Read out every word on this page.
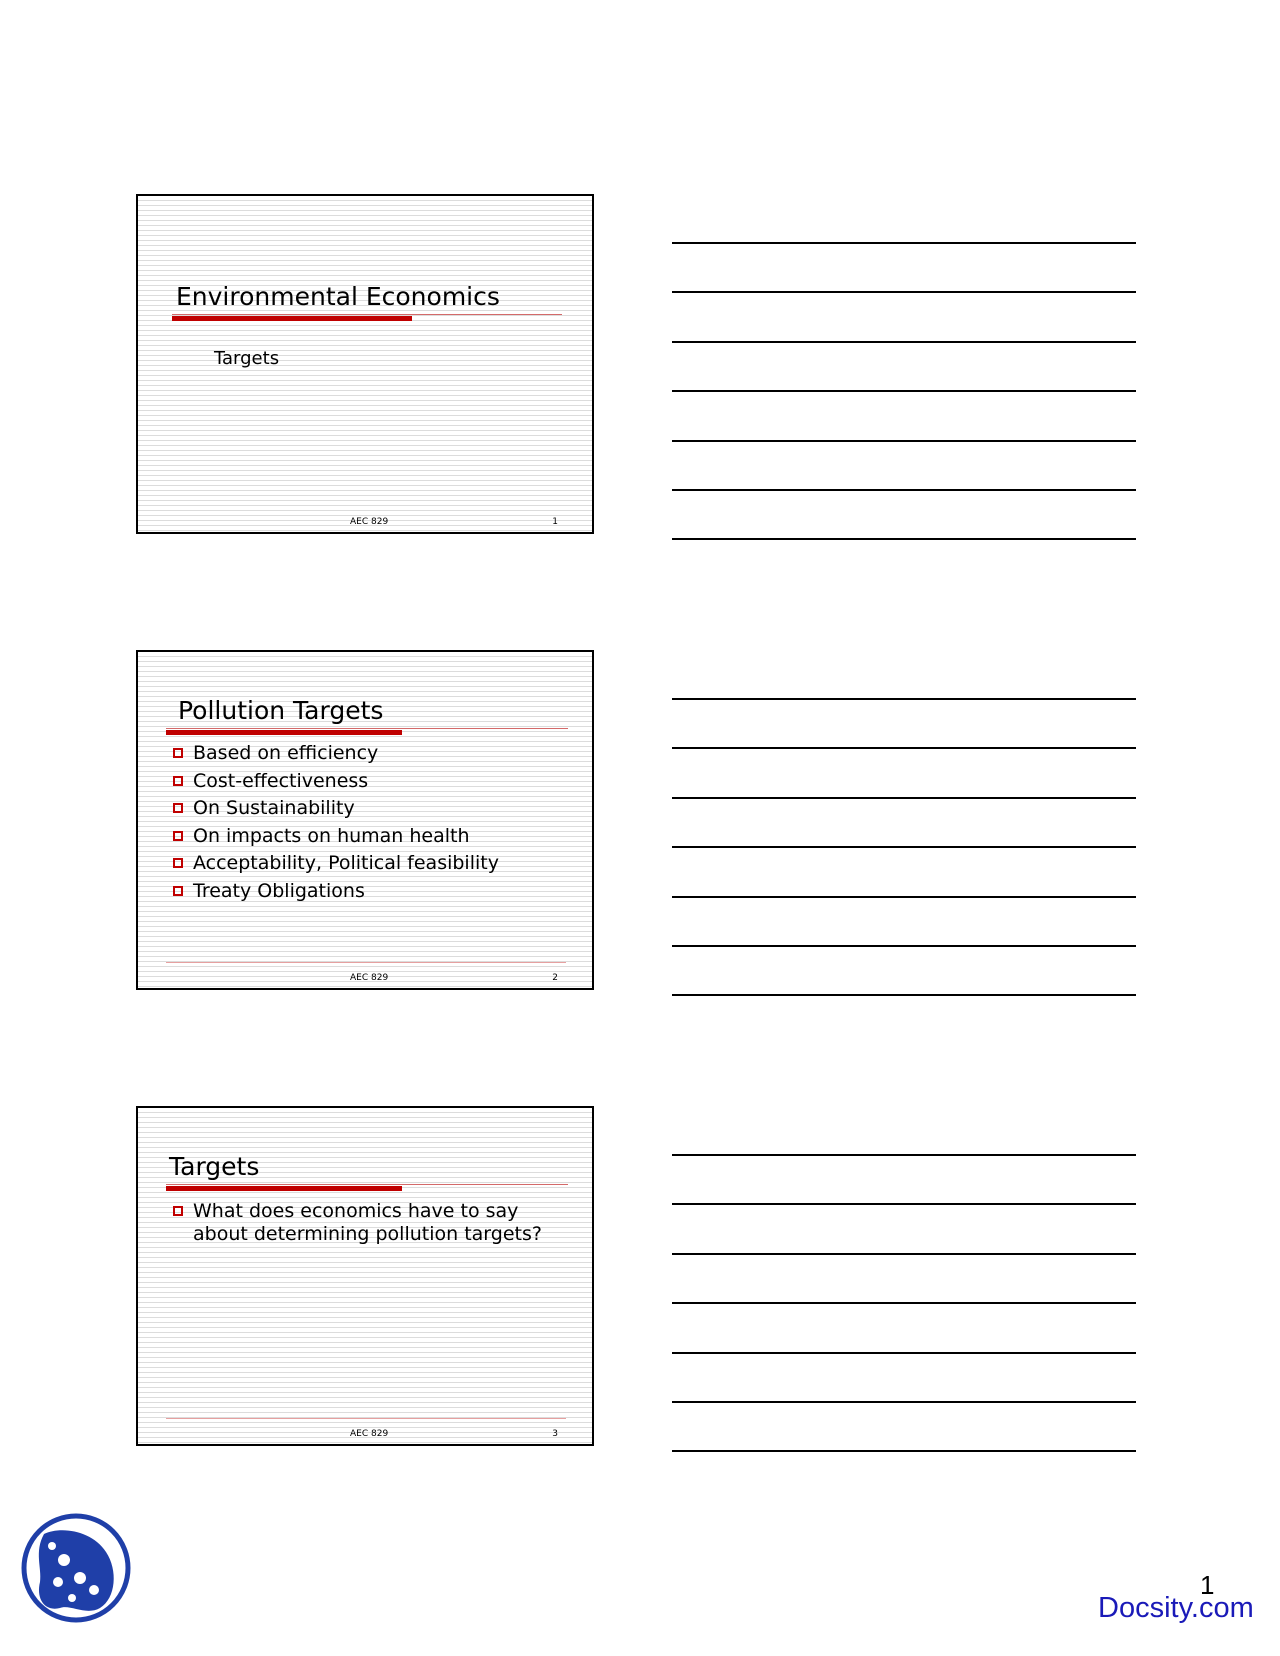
Environmental Economics
Targets
AEC 829	1
Pollution Targets
Based on efficiency
Cost-effectiveness
On Sustainability
On impacts on human health
Acceptability, Political feasibility
Treaty Obligations
AEC 829	2
Targets
What does economics have to say about determining pollution targets?
AEC 829	3
1
Docsity.com
